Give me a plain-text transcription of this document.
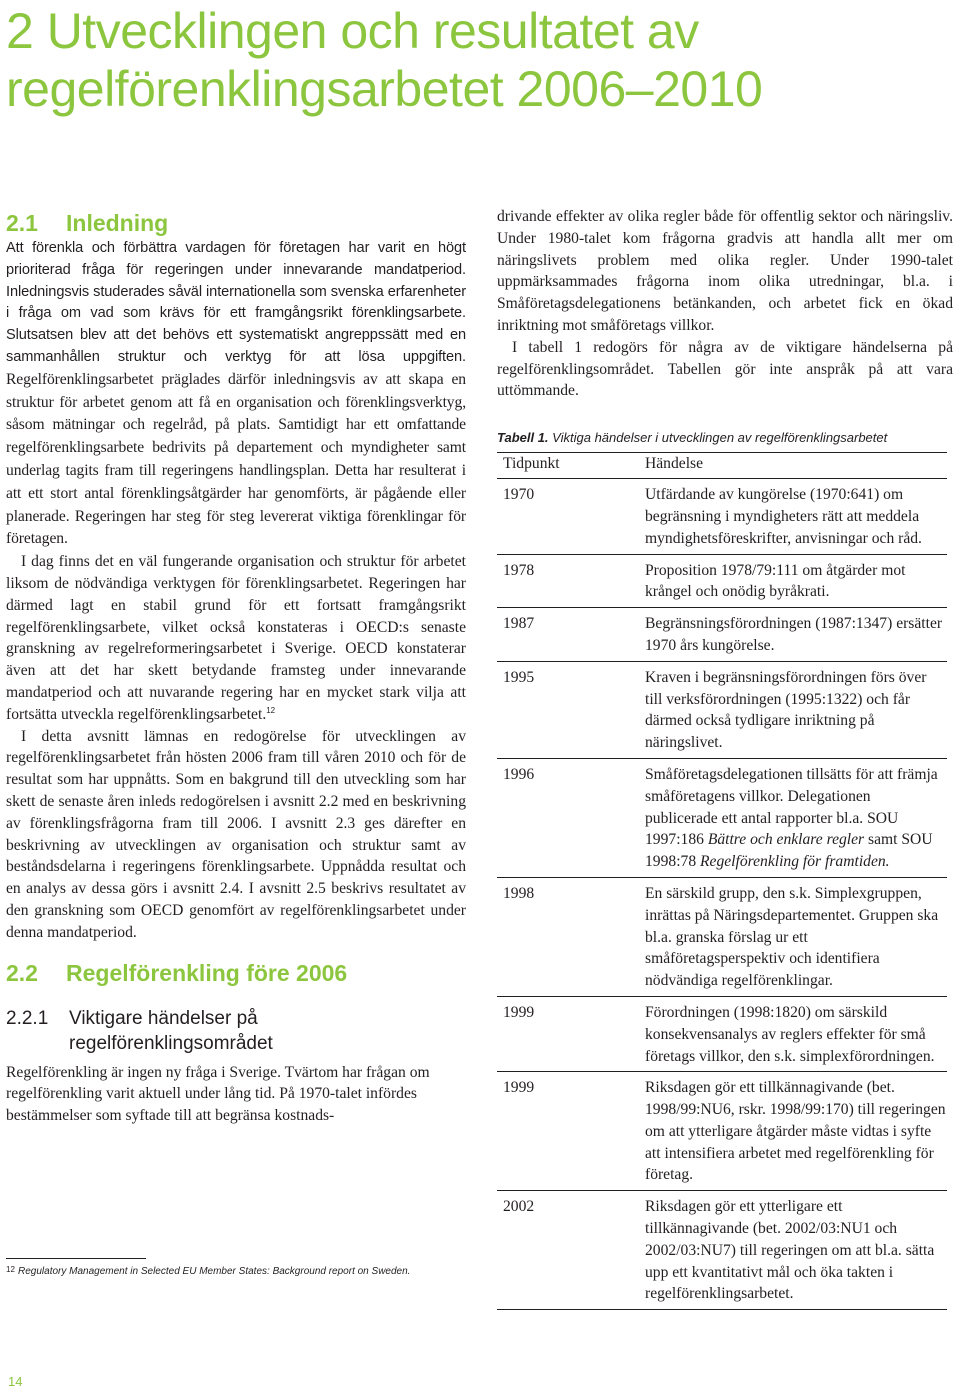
2 Utvecklingen och resultatet av
regelförenklingsarbetet 2006–2010
2.1 Inledning

Att förenkla och förbättra vardagen för företagen har varit en högt prioriterad fråga för regeringen under innevarande mandatperiod. Inledningsvis studerades såväl internationella som svenska erfarenheter i fråga om vad som krävs för ett framgångsrikt förenklingsarbete. Slutsatsen blev att det behövs ett systematiskt angreppssätt med en sammanhållen struktur och verktyg för att lösa uppgiften. Regelförenklingsarbetet präglades därför inledningsvis av att skapa en struktur för arbetet genom att få en organisation och förenklingsverktyg, såsom mätningar och regelråd, på plats. Samtidigt har ett omfattande regelförenklingsarbete bedrivits på departement och myndigheter samt underlag tagits fram till regeringens handlingsplan. Detta har resulterat i att ett stort antal förenklingsåtgärder har genomförts, är pågående eller planerade. Regeringen har steg för steg levererat viktiga förenklingar för företagen.

I dag finns det en väl fungerande organisation och struktur för arbetet liksom de nödvändiga verktygen för förenklingsarbetet. Regeringen har därmed lagt en stabil grund för ett fortsatt framgångsrikt regelförenklingsarbete, vilket också konstateras i OECD:s senaste granskning av regelreformeringsarbetet i Sverige. OECD konstaterar även att det har skett betydande framsteg under innevarande mandatperiod och att nuvarande regering har en mycket stark vilja att fortsätta utveckla regelförenklingsarbetet.$^{12}$

I detta avsnitt lämnas en redogörelse för utvecklingen av regelförenklingsarbetet från hösten 2006 fram till våren 2010 och för de resultat som har uppnåtts. Som en bakgrund till den utveckling som har skett de senaste åren inleds redogörelsen i avsnitt 2.2 med en beskrivning av förenklingsfrågorna fram till 2006. I avsnitt 2.3 ges därefter en beskrivning av utvecklingen av organisation och struktur samt av beståndsdelarna i regeringens förenklingsarbete. Uppnådda resultat och en analys av dessa görs i avsnitt 2.4. I avsnitt 2.5 beskrivs resultatet av den granskning som OECD genomfört av regelförenklingsarbetet under denna mandatperiod.

2.2 Regelförenkling före 2006
2.2.1	Viktigare händelser på
regelförenklingsområdet

Regelförenkling är ingen ny fråga i Sverige. Tvärtom har frågan om regelförenkling varit aktuell under lång tid. På 1970-talet infördes bestämmelser som syftade till att begränsa kostnads-

12 Regulatory Management in Selected EU Member States: Background report on Sweden.

drivande effekter av olika regler både för offentlig sektor och näringsliv. Under 1980-talet kom frågorna gradvis att handla allt mer om näringslivets problem med olika regler. Under 1990-talet uppmärksammades frågorna inom olika utredningar, bl.a. i Småföretagsdelegationens betänkanden, och arbetet fick en ökad inriktning mot småföretags villkor.

I tabell 1 redogörs för några av de viktigare händelserna på regelförenklingsområdet. Tabellen gör inte anspråk på att vara uttömmande.

Tabell 1. Viktiga händelser i utvecklingen av regelförenklingsarbetet
Tidpunkt	Händelse
1970	Utfärdande av kungörelse (1970:641) om begränsning i myndigheters rätt att meddela myndighetsföreskrifter, anvisningar och råd.
1978	Proposition 1978/79:111 om åtgärder mot krångel och onödig byråkrati.
1987	Begränsningsförordningen (1987:1347) ersätter 1970 års kungörelse.
1995	Kraven i begränsningsförordningen förs över till verksförordningen (1995:1322) och får därmed också tydligare inriktning på näringslivet.
1996	Småföretagsdelegationen tillsätts för att främja småföretagens villkor. Delegationen publicerade ett antal rapporter bl.a. SOU 1997:186 Bättre och enklare regler samt SOU 1998:78 Regelförenkling för framtiden.
1998	En särskild grupp, den s.k. Simplexgruppen, inrättas på Näringsdepartementet. Gruppen ska bl.a. granska förslag ur ett småföretagsperspektiv och identifiera nödvändiga regelförenklingar.
1999	Förordningen (1998:1820) om särskild konsekvensanalys av reglers effekter för små företags villkor, den s.k. simplexförordningen.
1999	Riksdagen gör ett tillkännagivande (bet. 1998/99:NU6, rskr. 1998/99:170) till regeringen om att ytterligare åtgärder måste vidtas i syfte att intensifiera arbetet med regelförenkling för företag.
2002	Riksdagen gör ett ytterligare ett tillkännagivande (bet. 2002/03:NU1 och 2002/03:NU7) till regeringen om att bl.a. sätta upp ett kvantitativt mål och öka takten i regelförenklingsarbetet.
14
